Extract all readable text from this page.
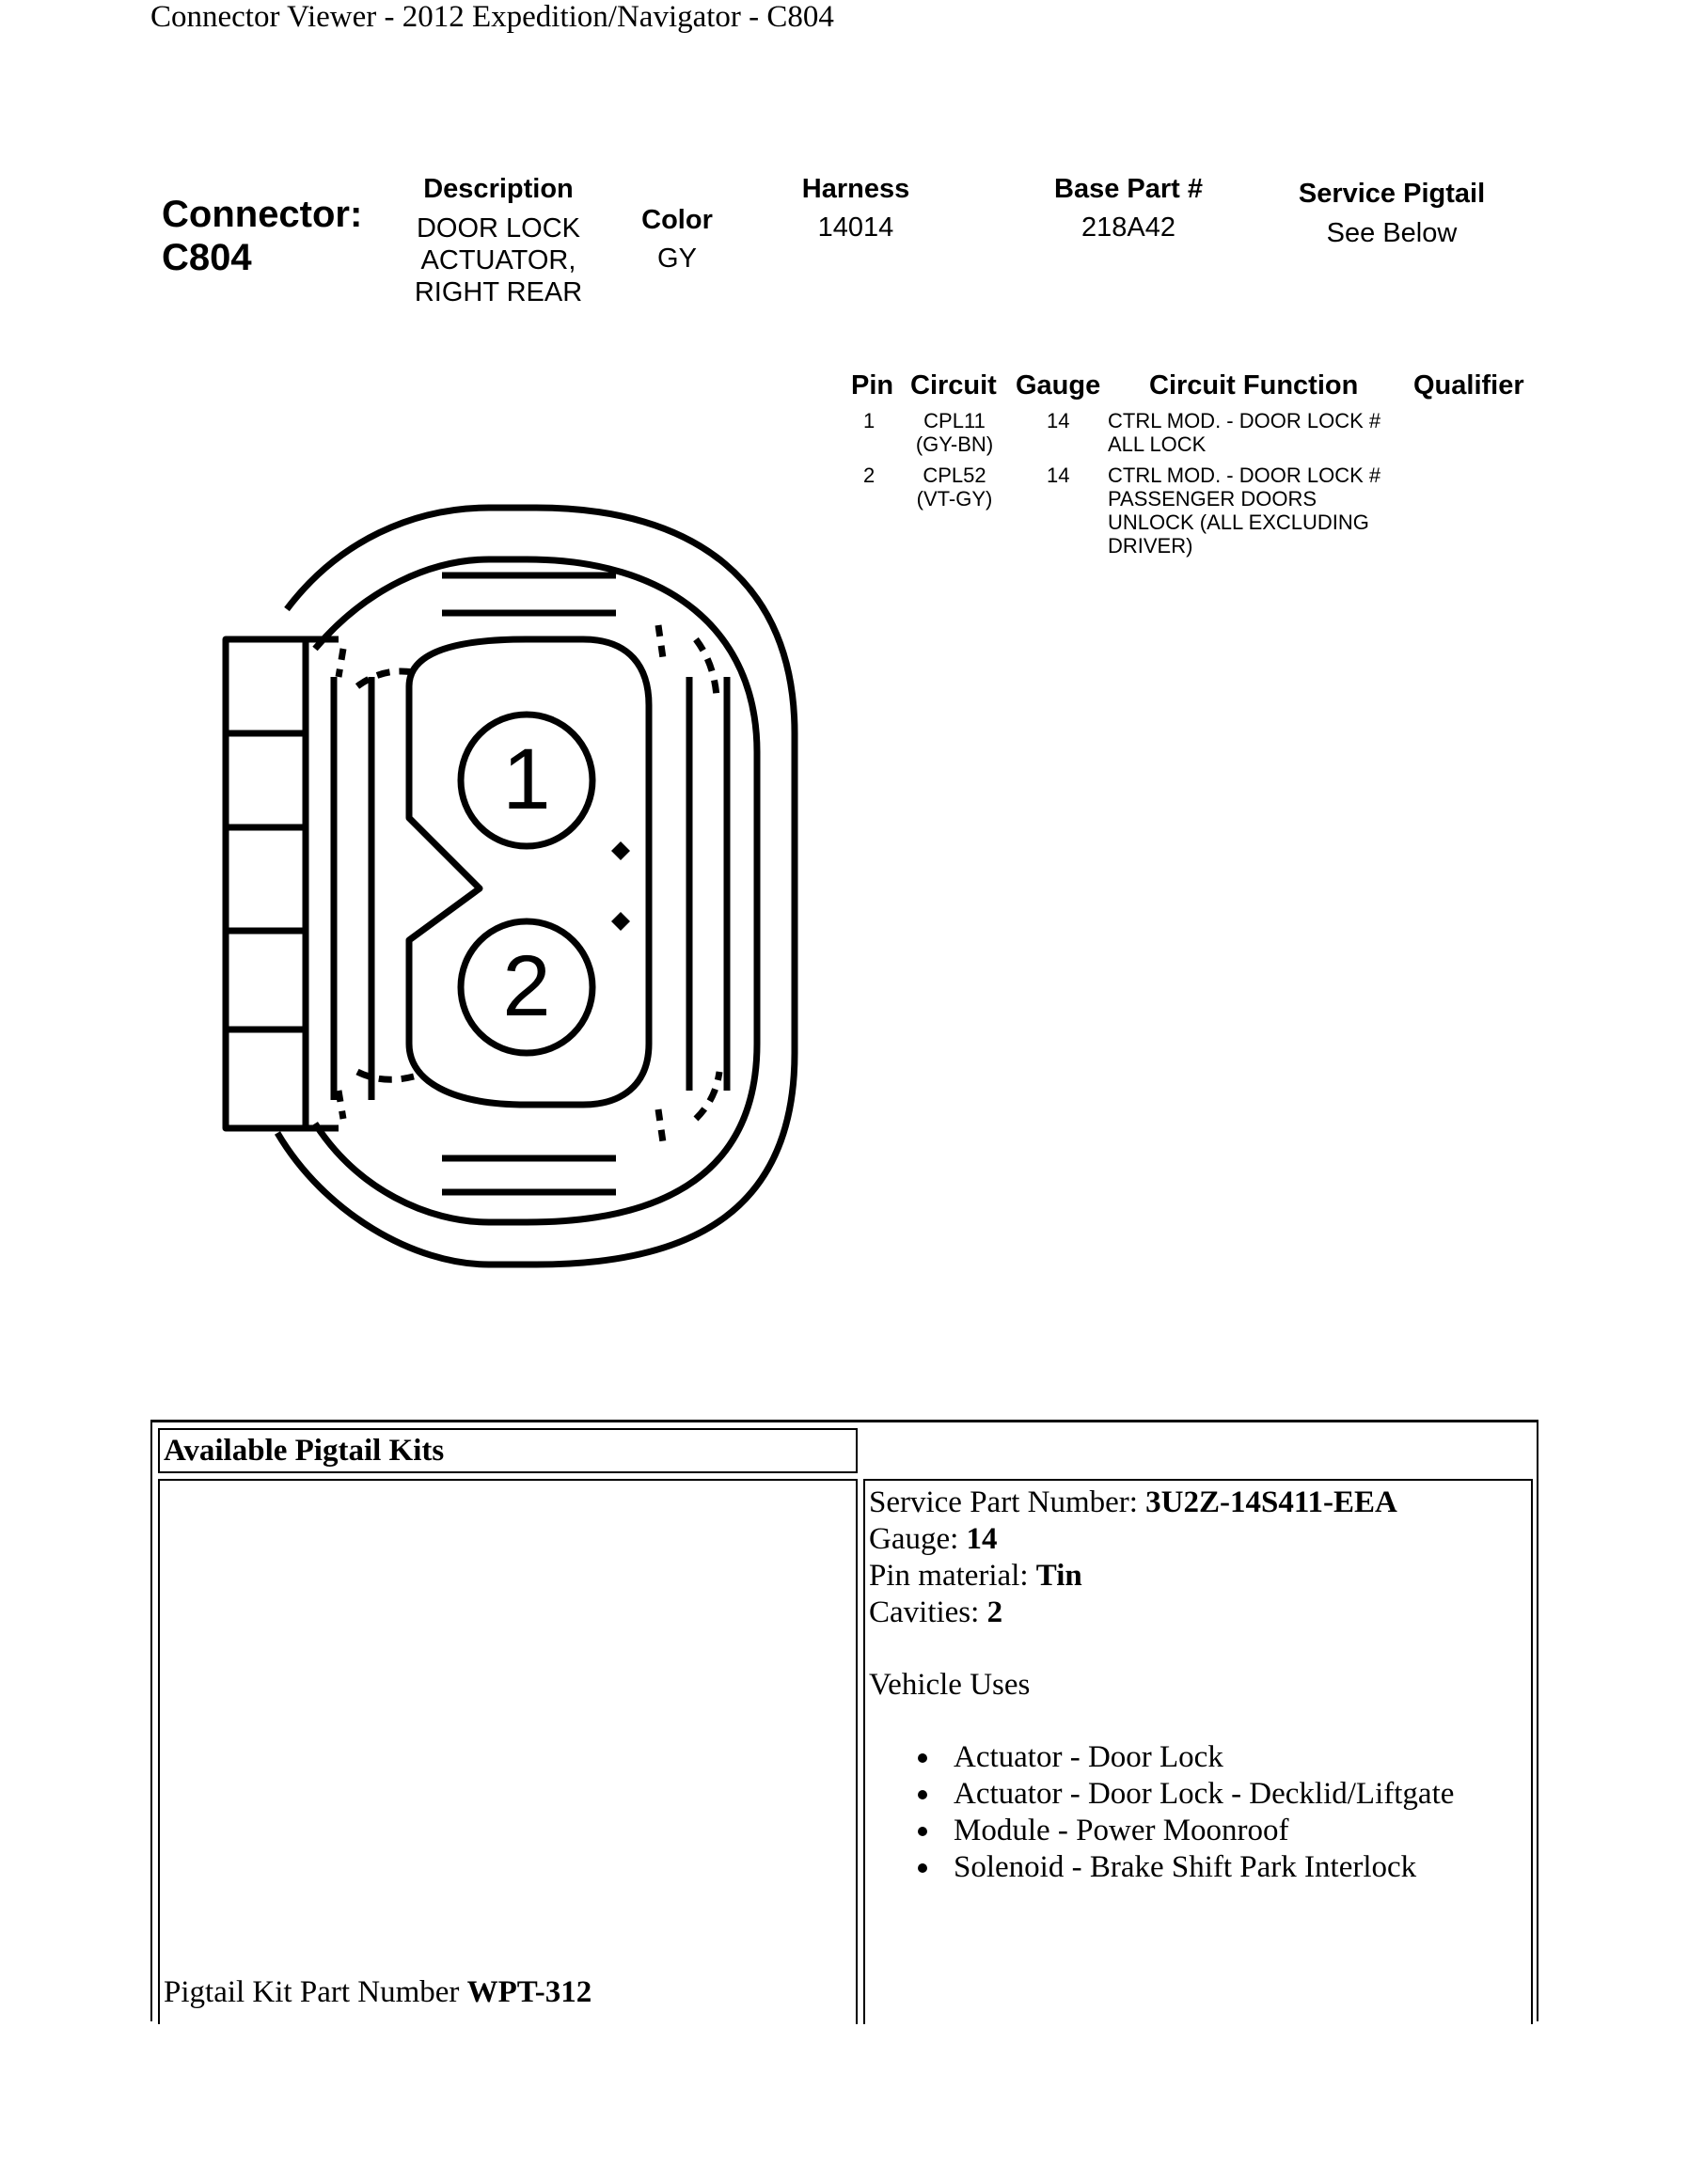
Connector Viewer - 2012 Expedition/Navigator - C804
Connector:
C804
Description
DOOR LOCK
ACTUATOR,
RIGHT REAR
Color
GY
Harness
14014
Base Part #
218A42
Service Pigtail
See Below
Pin Circuit Gauge Circuit Function Qualifier
1	CPL11
(GY-BN)
14 CTRL MOD. - DOOR LOCK #
ALL LOCK
2	CPL52
(VT-GY)
14 CTRL MOD. - DOOR LOCK #
PASSENGER DOORS
UNLOCK (ALL EXCLUDING
DRIVER)
1
2
Available Pigtail Kits
Pigtail Kit Part Number WPT-312
Service Part Number: 3U2Z-14S411-EEA
Gauge: 14
Pin material: Tin
Cavities: 2
Vehicle Uses
Actuator - Door Lock
Actuator - Door Lock - Decklid/Liftgate
Module - Power Moonroof
Solenoid - Brake Shift Park Interlock
